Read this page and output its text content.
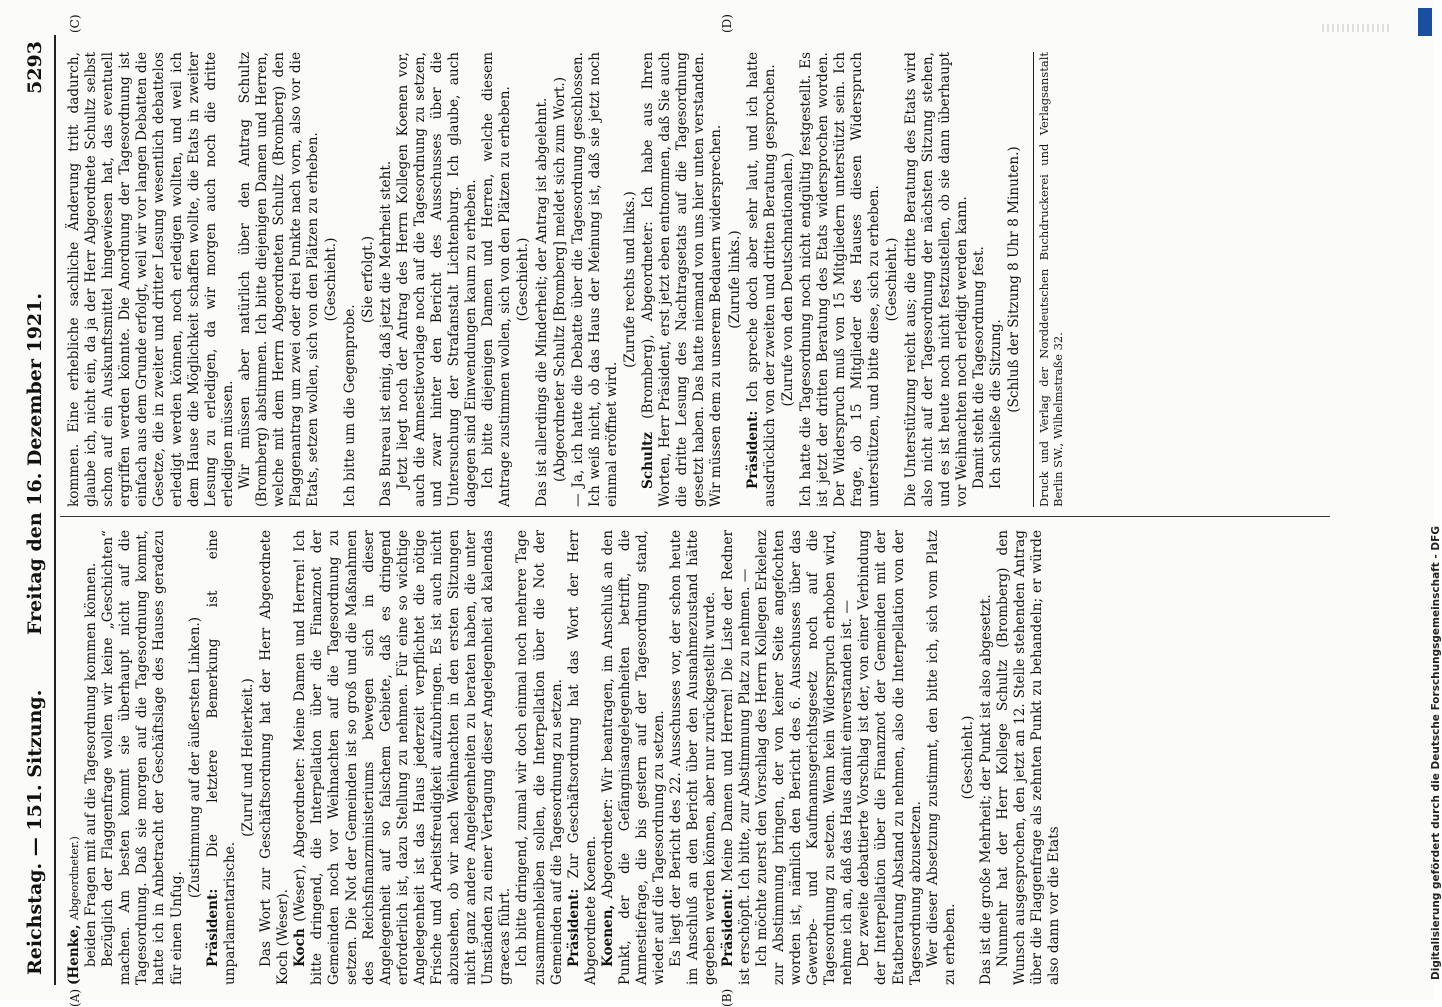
Reichstag. — 151. Sitzung.
Freitag den 16. Dezember 1921.
5293
(A)	(B)
(C)	(D)

(Henke, Abgeordneter.) beiden Fragen mit auf die Tagesordnung kommen können. Bezüglich der Flaggenfrage wollen wir keine „Geschichten“ machen. Am besten kommt sie überhaupt nicht auf die Tagesordnung. Daß sie morgen auf die Tagesordnung kommt, hatte ich in Anbetracht der Geschäftslage des Hauses geradezu für einen Unfug.

(Zustimmung auf der äußersten Linken.)

Präsident: Die letztere Bemerkung ist eine unparlamentarische.

(Zuruf und Heiterkeit.) Das Wort zur Geschäftsordnung hat der Herr Abgeordnete Koch (Weser). Koch (Weser), Abgeordneter: Meine Damen und Herren! Ich bitte dringend, die Interpellation über die Finanznot der Gemeinden noch vor Weihnachten auf die Tagesordnung zu setzen. Die Not der Gemeinden ist so groß und die Maßnahmen des Reichsfinanzministeriums bewegen sich in dieser Angelegenheit auf so falschem Gebiete, daß es dringend erforderlich ist, dazu Stellung zu nehmen. Für eine so wichtige Angelegenheit ist das Haus jederzeit verpflichtet die nötige Frische und Arbeitsfreudigkeit aufzubringen. Es ist auch nicht abzusehen, ob wir nach Weihnachten in den ersten Sitzungen nicht ganz andere Angelegenheiten zu beraten haben, die unter Umständen zu einer Vertagung dieser Angelegenheit ad kalendas graecas führt. Ich bitte dringend, zumal wir doch einmal noch mehrere Tage zusammenbleiben sollen, die Interpellation über die Not der Gemeinden auf die Tagesordnung zu setzen. Präsident: Zur Geschäftsordnung hat das Wort der Herr Abgeordnete Koenen. Koenen, Abgeordneter: Wir beantragen, im Anschluß an den Punkt, der die Gefängnisangelegenheiten betrifft, die Amnestiefrage, die bis gestern auf der Tagesordnung stand, wieder auf die Tagesordnung zu setzen. Es liegt der Bericht des 22. Ausschusses vor, der schon heute im Anschluß an den Bericht über den Ausnahmezustand hätte gegeben werden können, aber nur zurückgestellt wurde. Präsident: Meine Damen und Herren! Die Liste der Redner ist erschöpft. Ich bitte, zur Abstimmung Platz zu nehmen. — Ich möchte zuerst den Vorschlag des Herrn Kollegen Erkelenz zur Abstimmung bringen, der von keiner Seite angefochten worden ist, nämlich den Bericht des 6. Ausschusses über das Gewerbe- und Kaufmannsgerichtsgesetz noch auf die Tagesordnung zu setzen. Wenn kein Widerspruch erhoben wird, nehme ich an, daß das Haus damit einverstanden ist. — Der zweite debattierte Vorschlag ist der, von einer Verbindung der Interpellation über die Finanznot der Gemeinden mit der Etatberatung Abstand zu nehmen, also die Interpellation von der Tagesordnung abzusetzen. Wer dieser Absetzung zustimmt, den bitte ich, sich vom Platz zu erheben.

(Geschieht.) Das ist die große Mehrheit; der Punkt ist also abgesetzt. Nunmehr hat der Herr Kollege Schultz (Bromberg) den Wunsch ausgesprochen, den jetzt an 12. Stelle stehenden Antrag über die Flaggenfrage als zehnten Punkt zu behandeln; er würde also dann vor die Etats

kommen. Eine erhebliche sachliche Änderung tritt dadurch, glaube ich, nicht ein, da ja der Herr Abgeordnete Schultz selbst schon auf ein Auskunftsmittel hingewiesen hat, das eventuell ergriffen werden könnte. Die Anordnung der Tagesordnung ist einfach aus dem Grunde erfolgt, weil wir vor langen Debatten die Gesetze, die in zweiter und dritter Lesung wesentlich debattelos erledigt werden können, noch erledigen wollten, und weil ich dem Hause die Möglichkeit schaffen wollte, die Etats in zweiter Lesung zu erledigen, da wir morgen auch noch die dritte erledigen müssen. Wir müssen aber natürlich über den Antrag Schultz (Bromberg) abstimmen. Ich bitte diejenigen Damen und Herren, welche mit dem Herrn Abgeordneten Schultz (Bromberg) den Flaggenantrag um zwei oder drei Punkte nach vorn, also vor die Etats, setzen wollen, sich von den Plätzen zu erheben. (Geschieht.)

Ich bitte um die Gegenprobe.

(Sie erfolgt.) Das Bureau ist einig, daß jetzt die Mehrheit steht. Jetzt liegt noch der Antrag des Herrn Kollegen Koenen vor, auch die Amnestievorlage noch auf die Tagesordnung zu setzen, und zwar hinter den Bericht des Ausschusses über die Untersuchung der Strafanstalt Lichtenburg. Ich glaube, auch dagegen sind Einwendungen kaum zu erheben. Ich bitte diejenigen Damen und Herren, welche diesem Antrage zustimmen wollen, sich von den Plätzen zu erheben. (Geschieht.) Das ist allerdings die Minderheit; der Antrag ist abgelehnt. (Abgeordneter Schultz [Bromberg] meldet sich zum Wort.) — Ja, ich hatte die Debatte über die Tagesordnung geschlossen. Ich weiß nicht, ob das Haus der Meinung ist, daß sie jetzt noch einmal eröffnet wird.

(Zurufe rechts und links.)

Schultz (Bromberg), Abgeordneter: Ich habe aus Ihren Worten, Herr Präsident, erst jetzt eben entnommen, daß Sie auch die dritte Lesung des Nachtragsetats auf die Tagesordnung gesetzt haben. Das hatte niemand von uns hier unten verstanden. Wir müssen dem zu unserem Bedauern widersprechen. (Zurufe links.)

Präsident: Ich spreche doch aber sehr laut, und ich hatte ausdrücklich von der zweiten und dritten Beratung gesprochen. (Zurufe von den Deutschnationalen.) Ich hatte die Tagesordnung noch nicht endgültig festgestellt. Es ist jetzt der dritten Beratung des Etats widersprochen worden. Der Widerspruch muß von 15 Mitgliedern unterstützt sein. Ich frage, ob 15 Mitglieder des Hauses diesen Widerspruch unterstützen, und bitte diese, sich zu erheben. (Geschieht.) Die Unterstützung reicht aus; die dritte Beratung des Etats wird also nicht auf der Tagesordnung der nächsten Sitzung stehen, und es ist heute noch nicht festzustellen, ob sie dann überhaupt vor Weihnachten noch erledigt werden kann. Damit steht die Tagesordnung fest. Ich schließe die Sitzung. (Schluß der Sitzung 8 Uhr 8 Minuten.)	Druck und Verlag der Norddeutschen Buchdruckerei und Verlagsanstalt Berlin SW., Wilhelmstraße 32.

Digitalisierung gefördert durch die Deutsche Forschungsgemeinschaft - DFG
